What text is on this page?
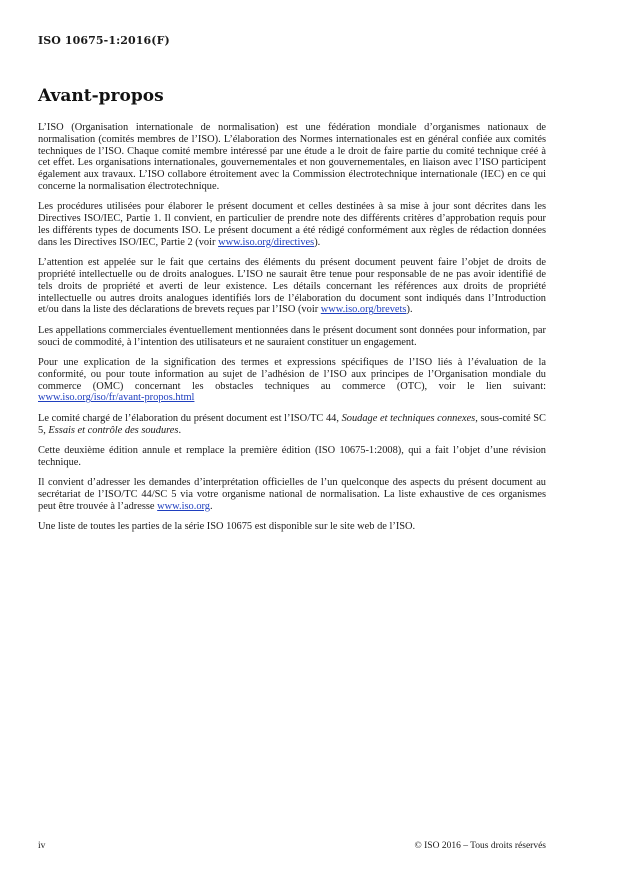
ISO 10675-1:2016(F)
Avant-propos

L’ISO (Organisation internationale de normalisation) est une fédération mondiale d’organismes nationaux de normalisation (comités membres de l’ISO). L’élaboration des Normes internationales est en général confiée aux comités techniques de l’ISO. Chaque comité membre intéressé par une étude a le droit de faire partie du comité technique créé à cet effet. Les organisations internationales, gouvernementales et non gouvernementales, en liaison avec l’ISO participent également aux travaux. L’ISO collabore étroitement avec la Commission électrotechnique internationale (IEC) en ce qui concerne la normalisation électrotechnique.

Les procédures utilisées pour élaborer le présent document et celles destinées à sa mise à jour sont décrites dans les Directives ISO/IEC, Partie 1. Il convient, en particulier de prendre note des différents critères d’approbation requis pour les différents types de documents ISO. Le présent document a été rédigé conformément aux règles de rédaction données dans les Directives ISO/IEC, Partie 2 (voir www.iso.org/directives).

L’attention est appelée sur le fait que certains des éléments du présent document peuvent faire l’objet de droits de propriété intellectuelle ou de droits analogues. L’ISO ne saurait être tenue pour responsable de ne pas avoir identifié de tels droits de propriété et averti de leur existence. Les détails concernant les références aux droits de propriété intellectuelle ou autres droits analogues identifiés lors de l’élaboration du document sont indiqués dans l’Introduction et/ou dans la liste des déclarations de brevets reçues par l’ISO (voir www.iso.org/brevets).

Les appellations commerciales éventuellement mentionnées dans le présent document sont données pour information, par souci de commodité, à l’intention des utilisateurs et ne sauraient constituer un engagement.

Pour une explication de la signification des termes et expressions spécifiques de l’ISO liés à l’évaluation de la conformité, ou pour toute information au sujet de l’adhésion de l’ISO aux principes de l’Organisation mondiale du commerce (OMC) concernant les obstacles techniques au commerce (OTC), voir le lien suivant: www.iso.org/iso/fr/avant-propos.html

Le comité chargé de l’élaboration du présent document est l’ISO/TC 44, Soudage et techniques connexes, sous-comité SC 5, Essais et contrôle des soudures.

Cette deuxième édition annule et remplace la première édition (ISO 10675-1:2008), qui a fait l’objet d’une révision technique.

Il convient d’adresser les demandes d’interprétation officielles de l’un quelconque des aspects du présent document au secrétariat de l’ISO/TC 44/SC 5 via votre organisme national de normalisation. La liste exhaustive de ces organismes peut être trouvée à l’adresse www.iso.org.

Une liste de toutes les parties de la série ISO 10675 est disponible sur le site web de l’ISO.

iv	© ISO 2016 – Tous droits réservés
